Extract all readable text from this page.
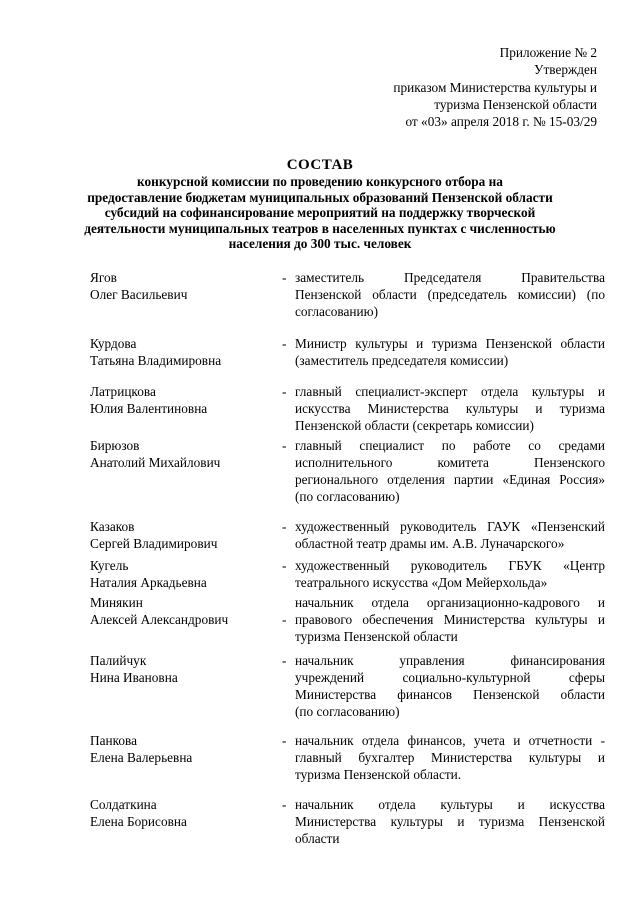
Приложение № 2
Утвержден
приказом Министерства культуры и
туризма Пензенской области
от «03» апреля 2018 г. № 15-03/29
СОСТАВ
конкурсной комиссии по проведению конкурсного отбора на
предоставление бюджетам муниципальных образований Пензенской области
субсидий на софинансирование мероприятий на поддержку творческой
деятельности муниципальных театров в населенных пунктах с численностью
населения до 300 тыс. человек
Ягов
Олег Васильевич
- заместитель Председателя Правительства
Пензенской области (председатель комиссии) (по
согласованию)
Курдова
Татьяна Владимировна
- Министр культуры и туризма Пензенской области
(заместитель председателя комиссии)
Латрицкова
Юлия Валентиновна
- главный специалист-эксперт отдела культуры и
искусства Министерства культуры и туризма
Пензенской области (секретарь комиссии)
Бирюзов
Анатолий Михайлович
- главный специалист по работе со средами
исполнительного комитета Пензенского
регионального отделения партии «Единая Россия»
(по согласованию)
Казаков
Сергей Владимирович
- художественный руководитель ГАУК «Пензенский
областной театр драмы им. А.В. Луначарского»
Кугель
Наталия Аркадьевна
- художественный руководитель ГБУК «Центр
театрального искусства «Дом Мейерхольда»
Минякин
Алексей Александрович	-
начальник отдела организационно-кадрового и
правового обеспечения Министерства культуры и
туризма Пензенской области
Палийчук
Нина Ивановна
- начальник управления финансирования
учреждений социально-культурной сферы
Министерства финансов Пензенской области
(по согласованию)
Панкова
Елена Валерьевна
- начальник отдела финансов, учета и отчетности -
главный бухгалтер Министерства культуры и
туризма Пензенской области.
Солдаткина
Елена Борисовна
- начальник отдела культуры и искусства
Министерства культуры и туризма Пензенской
области
